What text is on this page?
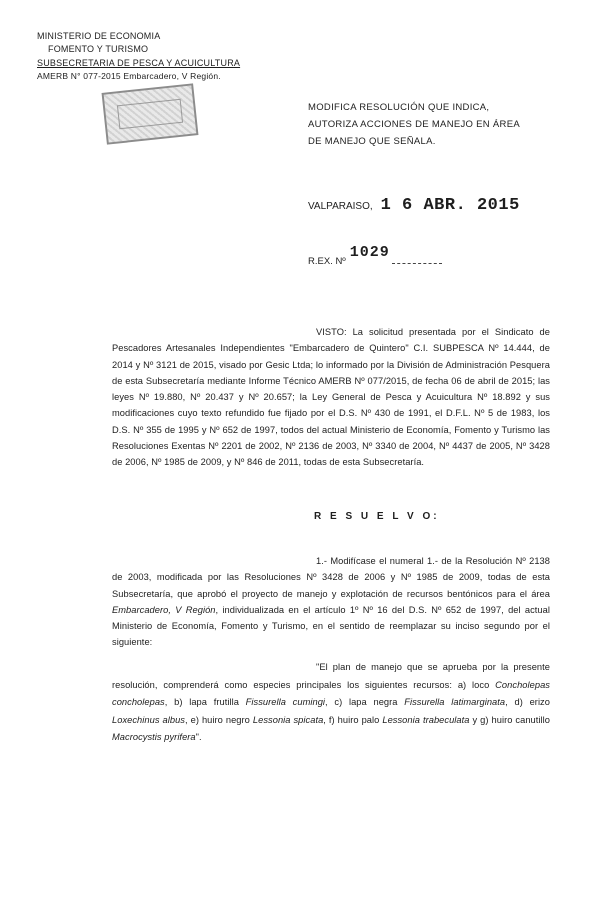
MINISTERIO DE ECONOMIA
FOMENTO Y TURISMO
SUBSECRETARIA DE PESCA Y ACUICULTURA
AMERB N° 077-2015 Embarcadero, V Región.
MODIFICA RESOLUCIÓN QUE INDICA, AUTORIZA ACCIONES DE MANEJO EN ÁREA DE MANEJO QUE SEÑALA.
VALPARAISO, 1 6 ABR. 2015
R.EX. Nº1029
VISTO: La solicitud presentada por el Sindicato de Pescadores Artesanales Independientes "Embarcadero de Quintero" C.I. SUBPESCA Nº 14.444, de 2014 y Nº 3121 de 2015, visado por Gesic Ltda; lo informado por la División de Administración Pesquera de esta Subsecretaría mediante Informe Técnico AMERB Nº 077/2015, de fecha 06 de abril de 2015; las leyes Nº 19.880, Nº 20.437 y Nº 20.657; la Ley General de Pesca y Acuicultura Nº 18.892 y sus modificaciones cuyo texto refundido fue fijado por el D.S. Nº 430 de 1991, el D.F.L. Nº 5 de 1983, los D.S. Nº 355 de 1995 y Nº 652 de 1997, todos del actual Ministerio de Economía, Fomento y Turismo las Resoluciones Exentas Nº 2201 de 2002, Nº 2136 de 2003, Nº 3340 de 2004, Nº 4437 de 2005, Nº 3428 de 2006, Nº 1985 de 2009, y Nº 846 de 2011, todas de esta Subsecretaría.
R E S U E L V O:
1.- Modifícase el numeral 1.- de la Resolución Nº 2138 de 2003, modificada por las Resoluciones Nº 3428 de 2006 y Nº 1985 de 2009, todas de esta Subsecretaría, que aprobó el proyecto de manejo y explotación de recursos bentónicos para el área Embarcadero, V Región, individualizada en el artículo 1º Nº 16 del D.S. Nº 652 de 1997, del actual Ministerio de Economía, Fomento y Turismo, en el sentido de reemplazar su inciso segundo por el siguiente:
"El plan de manejo que se aprueba por la presente resolución, comprenderá como especies principales los siguientes recursos: a) loco Concholepas concholepas, b) lapa frutilla Fissurella cumingi, c) lapa negra Fissurella latimarginata, d) erizo Loxechinus albus, e) huiro negro Lessonia spicata, f) huiro palo Lessonia trabeculata y g) huiro canutillo Macrocystis pyrifera".
